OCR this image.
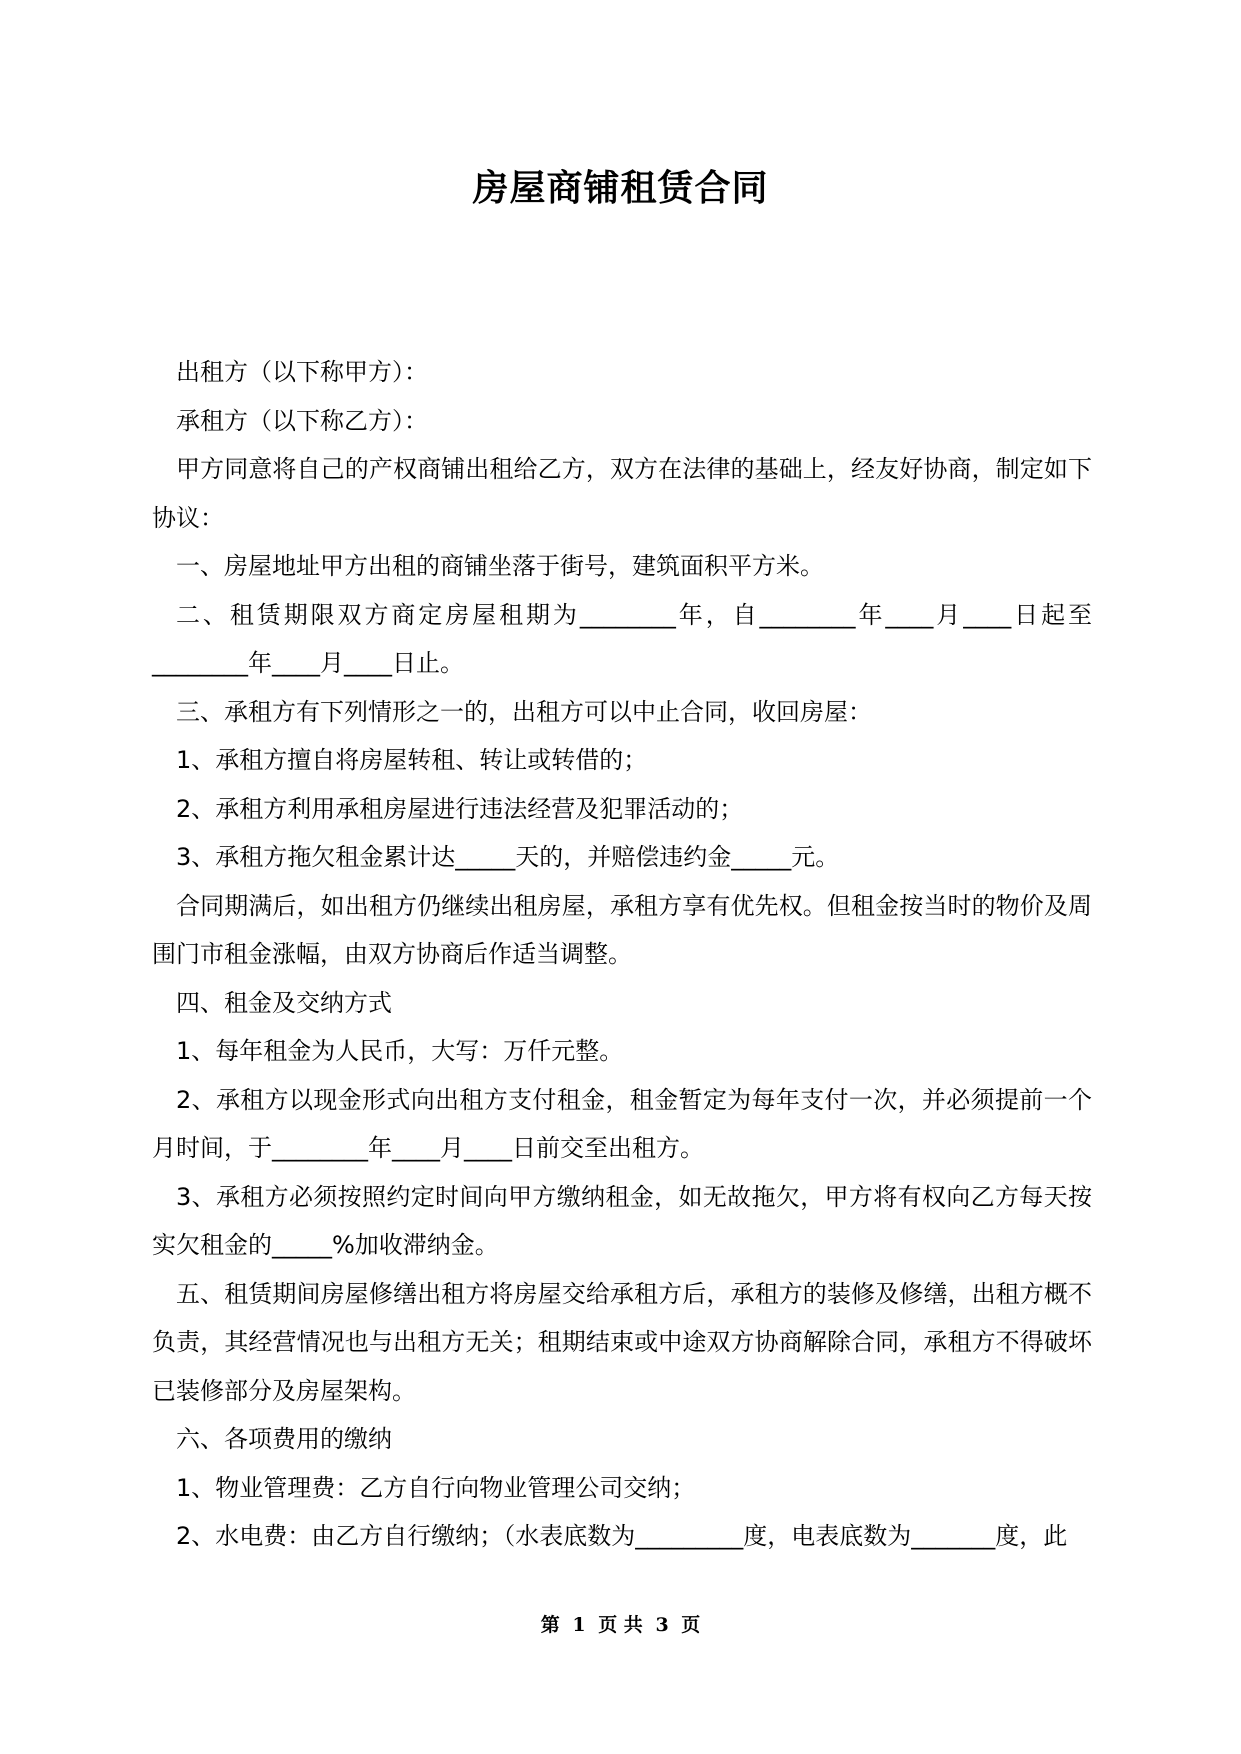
房屋商铺租赁合同

出租方（以下称甲方）：

承租方（以下称乙方）：

甲方同意将自己的产权商铺出租给乙方，双方在法律的基础上，经友好协商，制定如下协议：

一、房屋地址甲方出租的商铺坐落于街号，建筑面积平方米。

二、租赁期限双方商定房屋租期为________年，自________年____月____日起至________年____月____日止。

三、承租方有下列情形之一的，出租方可以中止合同，收回房屋：

1、承租方擅自将房屋转租、转让或转借的；

2、承租方利用承租房屋进行违法经营及犯罪活动的；

3、承租方拖欠租金累计达_____天的，并赔偿违约金_____元。

合同期满后，如出租方仍继续出租房屋，承租方享有优先权。但租金按当时的物价及周围门市租金涨幅，由双方协商后作适当调整。

四、租金及交纳方式

1、每年租金为人民币，大写：万仟元整。

2、承租方以现金形式向出租方支付租金，租金暂定为每年支付一次，并必须提前一个月时间，于________年____月____日前交至出租方。

3、承租方必须按照约定时间向甲方缴纳租金，如无故拖欠，甲方将有权向乙方每天按实欠租金的_____%加收滞纳金。

五、租赁期间房屋修缮出租方将房屋交给承租方后，承租方的装修及修缮，出租方概不负责，其经营情况也与出租方无关；租期结束或中途双方协商解除合同，承租方不得破坏已装修部分及房屋架构。

六、各项费用的缴纳

1、物业管理费：乙方自行向物业管理公司交纳；

2、水电费：由乙方自行缴纳；（水表底数为_________度，电表底数为_______度，此

第 1 页 共 3 页
